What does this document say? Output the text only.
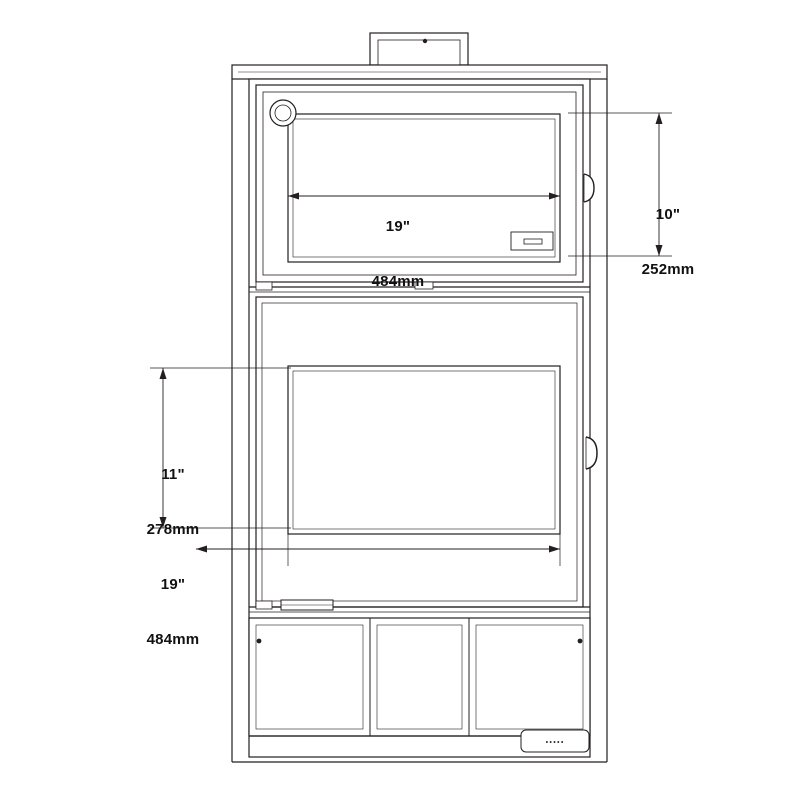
19"

484mm

10"

252mm

11"

278mm

19"

484mm

•••••
